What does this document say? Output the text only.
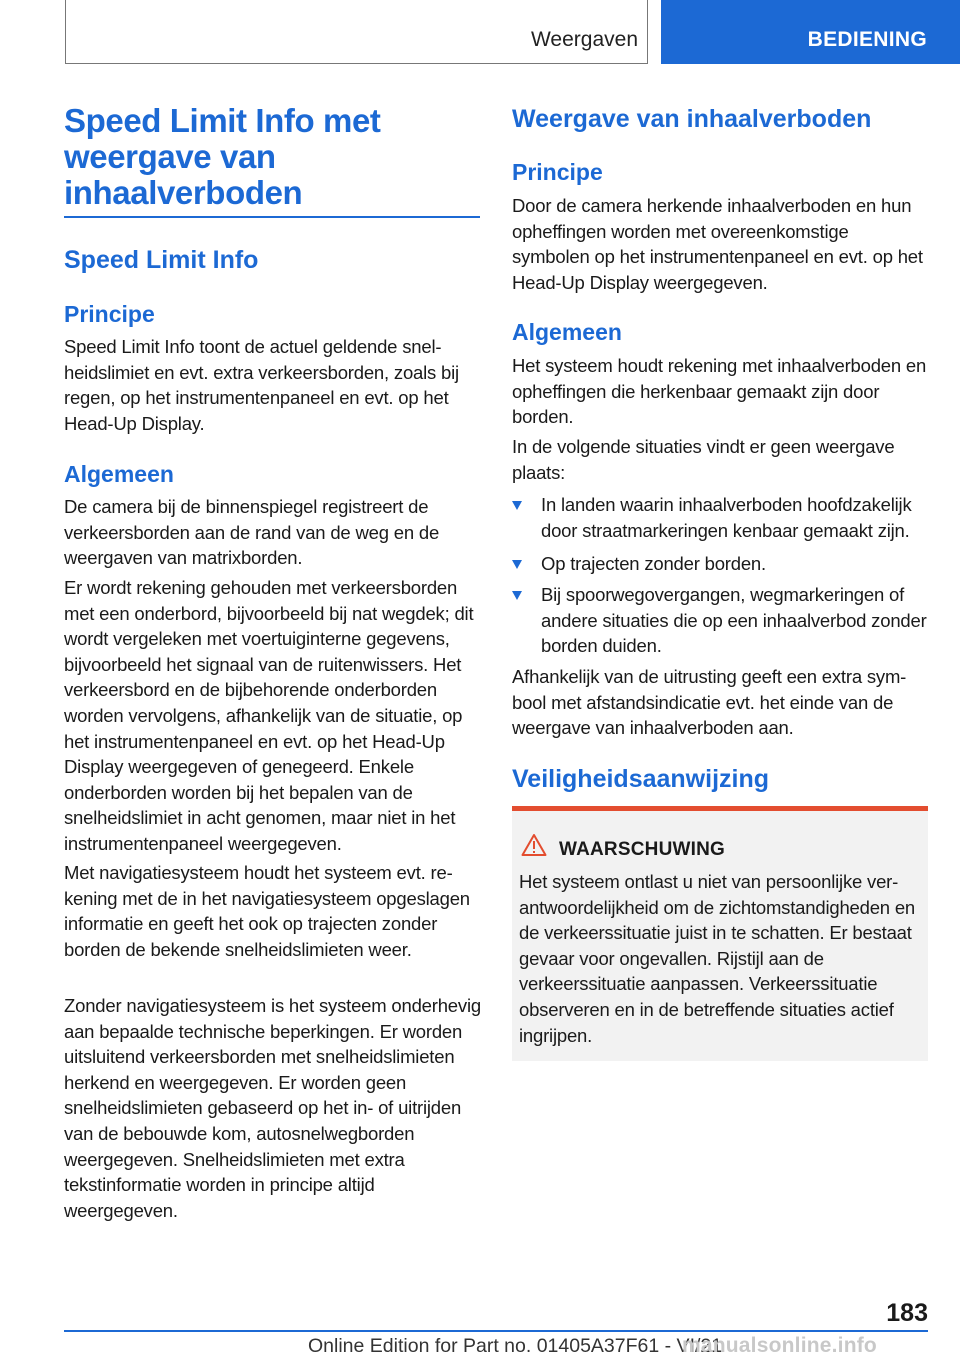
Weergaven	BEDIENING
Speed Limit Info met weergave van inhaalverboden
Speed Limit Info
Principe
Speed Limit Info toont de actuel geldende snelheidslimiet en evt. extra verkeersborden, zoals bij regen, op het instrumentenpaneel en evt. op het Head-Up Display.
Algemeen
De camera bij de binnenspiegel registreert de verkeersborden aan de rand van de weg en de weergaven van matrixborden.
Er wordt rekening gehouden met verkeersborden met een onderbord, bijvoorbeeld bij nat wegdek; dit wordt vergeleken met voertuiginterne gegevens, bijvoorbeeld het signaal van de ruitenwissers. Het verkeersbord en de bijbehorende onderborden worden vervolgens, afhankelijk van de situatie, op het instrumentenpaneel en evt. op het Head-Up Display weergegeven of genegeerd. Enkele onderborden worden bij het bepalen van de snelheidslimiet in acht genomen, maar niet in het instrumentenpaneel weergegeven.
Met navigatiesysteem houdt het systeem evt. rekening met de in het navigatiesysteem opgeslagen informatie en geeft het ook op trajecten zonder borden de bekende snelheidslimieten weer.
Zonder navigatiesysteem is het systeem onderhevig aan bepaalde technische beperkingen. Er worden uitsluitend verkeersborden met snelheidslimieten herkend en weergegeven. Er worden geen snelheidslimieten gebaseerd op het in- of uitrijden van de bebouwde kom, autosnelwegborden weergegeven. Snelheidslimieten met extra tekstinformatie worden in principe altijd weergegeven.
Weergave van inhaalverboden
Principe
Door de camera herkende inhaalverboden en hun opheffingen worden met overeenkomstige symbolen op het instrumentenpaneel en evt. op het Head-Up Display weergegeven.
Algemeen
Het systeem houdt rekening met inhaalverboden en opheffingen die herkenbaar gemaakt zijn door borden.
In de volgende situaties vindt er geen weergave plaats:
In landen waarin inhaalverboden hoofdzakelijk door straatmarkeringen kenbaar gemaakt zijn.
Op trajecten zonder borden.
Bij spoorwegovergangen, wegmarkeringen of andere situaties die op een inhaalverbod zonder borden duiden.
Afhankelijk van de uitrusting geeft een extra symbool met afstandsindicatie evt. het einde van de weergave van inhaalverboden aan.
Veiligheidsaanwijzing
WAARSCHUWING
Het systeem ontlast u niet van persoonlijke verantwoordelijkheid om de zichtomstandigheden en de verkeerssituatie juist in te schatten. Er bestaat gevaar voor ongevallen. Rijstijl aan de verkeerssituatie aanpassen. Verkeerssituatie observeren en in de betreffende situaties actief ingrijpen.
183
Online Edition for Part no. 01405A37F61 - VI/21
manualsonline.info
